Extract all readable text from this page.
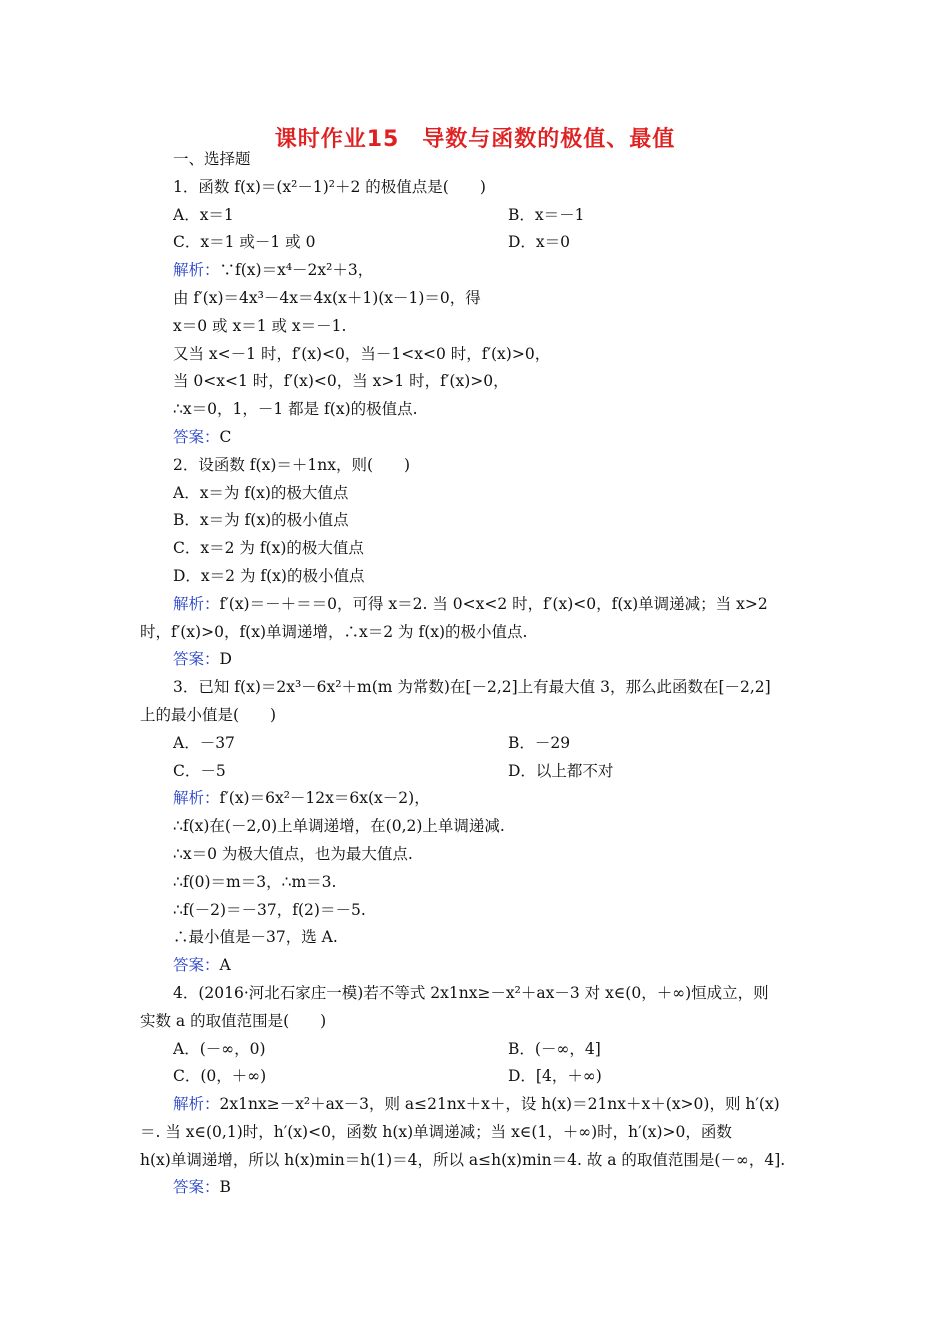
课时作业15　导数与函数的极值、最值
一、选择题
1．函数 f(x)＝(x²－1)²＋2 的极值点是(　　)
A．x＝1	B．x＝－1
C．x＝1 或－1 或 0	D．x＝0
解析：∵f(x)＝x⁴－2x²＋3，
由 f′(x)＝4x³－4x＝4x(x＋1)(x－1)＝0，得
x＝0 或 x＝1 或 x＝－1.
又当 x<－1 时，f′(x)<0，当－1<x<0 时，f′(x)>0，
当 0<x<1 时，f′(x)<0，当 x>1 时，f′(x)>0，
∴x＝0，1，－1 都是 f(x)的极值点.
答案：C
2．设函数 f(x)＝＋1nx，则(　　)
A．x＝为 f(x)的极大值点
B．x＝为 f(x)的极小值点
C．x＝2 为 f(x)的极大值点
D．x＝2 为 f(x)的极小值点
解析：f′(x)＝－＋＝＝0，可得 x＝2. 当 0<x<2 时，f′(x)<0，f(x)单调递减；当 x>2
时，f′(x)>0，f(x)单调递增，∴x＝2 为 f(x)的极小值点.
答案：D
3．已知 f(x)＝2x³－6x²＋m(m 为常数)在[－2,2]上有最大值 3，那么此函数在[－2,2]
上的最小值是(　　)
A．－37	B．－29
C．－5	D．以上都不对
解析：f′(x)＝6x²－12x＝6x(x－2)，
∴f(x)在(－2,0)上单调递增，在(0,2)上单调递减.
∴x＝0 为极大值点，也为最大值点.
∴f(0)＝m＝3，∴m＝3.
∴f(－2)＝－37，f(2)＝－5.
∴最小值是－37，选 A.
答案：A
4．(2016·河北石家庄一模)若不等式 2x1nx≥－x²＋ax－3 对 x∈(0，＋∞)恒成立，则
实数 a 的取值范围是(　　)
A．(－∞，0)	B．(－∞，4]
C．(0，＋∞)	D．[4，＋∞)
解析：2x1nx≥－x²＋ax－3，则 a≤21nx＋x＋，设 h(x)＝21nx＋x＋(x>0)，则 h′(x)
＝. 当 x∈(0,1)时，h′(x)<0，函数 h(x)单调递减；当 x∈(1，＋∞)时，h′(x)>0，函数
h(x)单调递增，所以 h(x)min＝h(1)＝4，所以 a≤h(x)min＝4. 故 a 的取值范围是(－∞，4].
答案：B
